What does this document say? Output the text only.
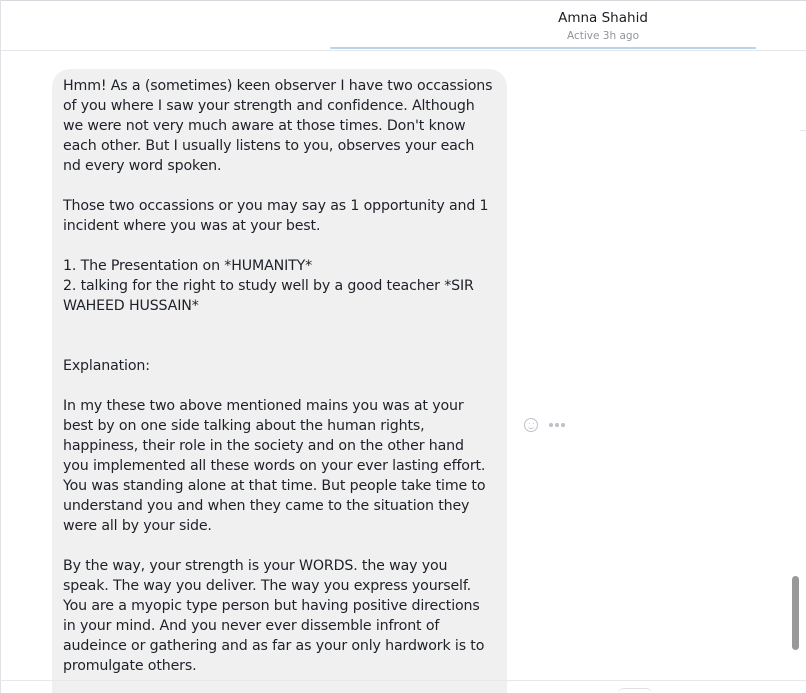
Amna Shahid
Active 3h ago

Hmm! As a (sometimes) keen observer I have two occassions
of you where I saw your strength and confidence. Although
we were not very much aware at those times. Don't know
each other. But I usually listens to you, observes your each
nd every word spoken.

Those two occassions or you may say as 1 opportunity and 1
incident where you was at your best.

1. The Presentation on *HUMANITY*
2. talking for the right to study well by a good teacher *SIR
WAHEED HUSSAIN*

Explanation:

In my these two above mentioned mains you was at your
best by on one side talking about the human rights,
happiness, their role in the society and on the other hand
you implemented all these words on your ever lasting effort.
You was standing alone at that time. But people take time to
understand you and when they came to the situation they
were all by your side.

By the way, your strength is your WORDS. the way you
speak. The way you deliver. The way you express yourself.
You are a myopic type person but having positive directions
in your mind. And you never ever dissemble infront of
audeince or gathering and as far as your only hardwork is to
promulgate others.
